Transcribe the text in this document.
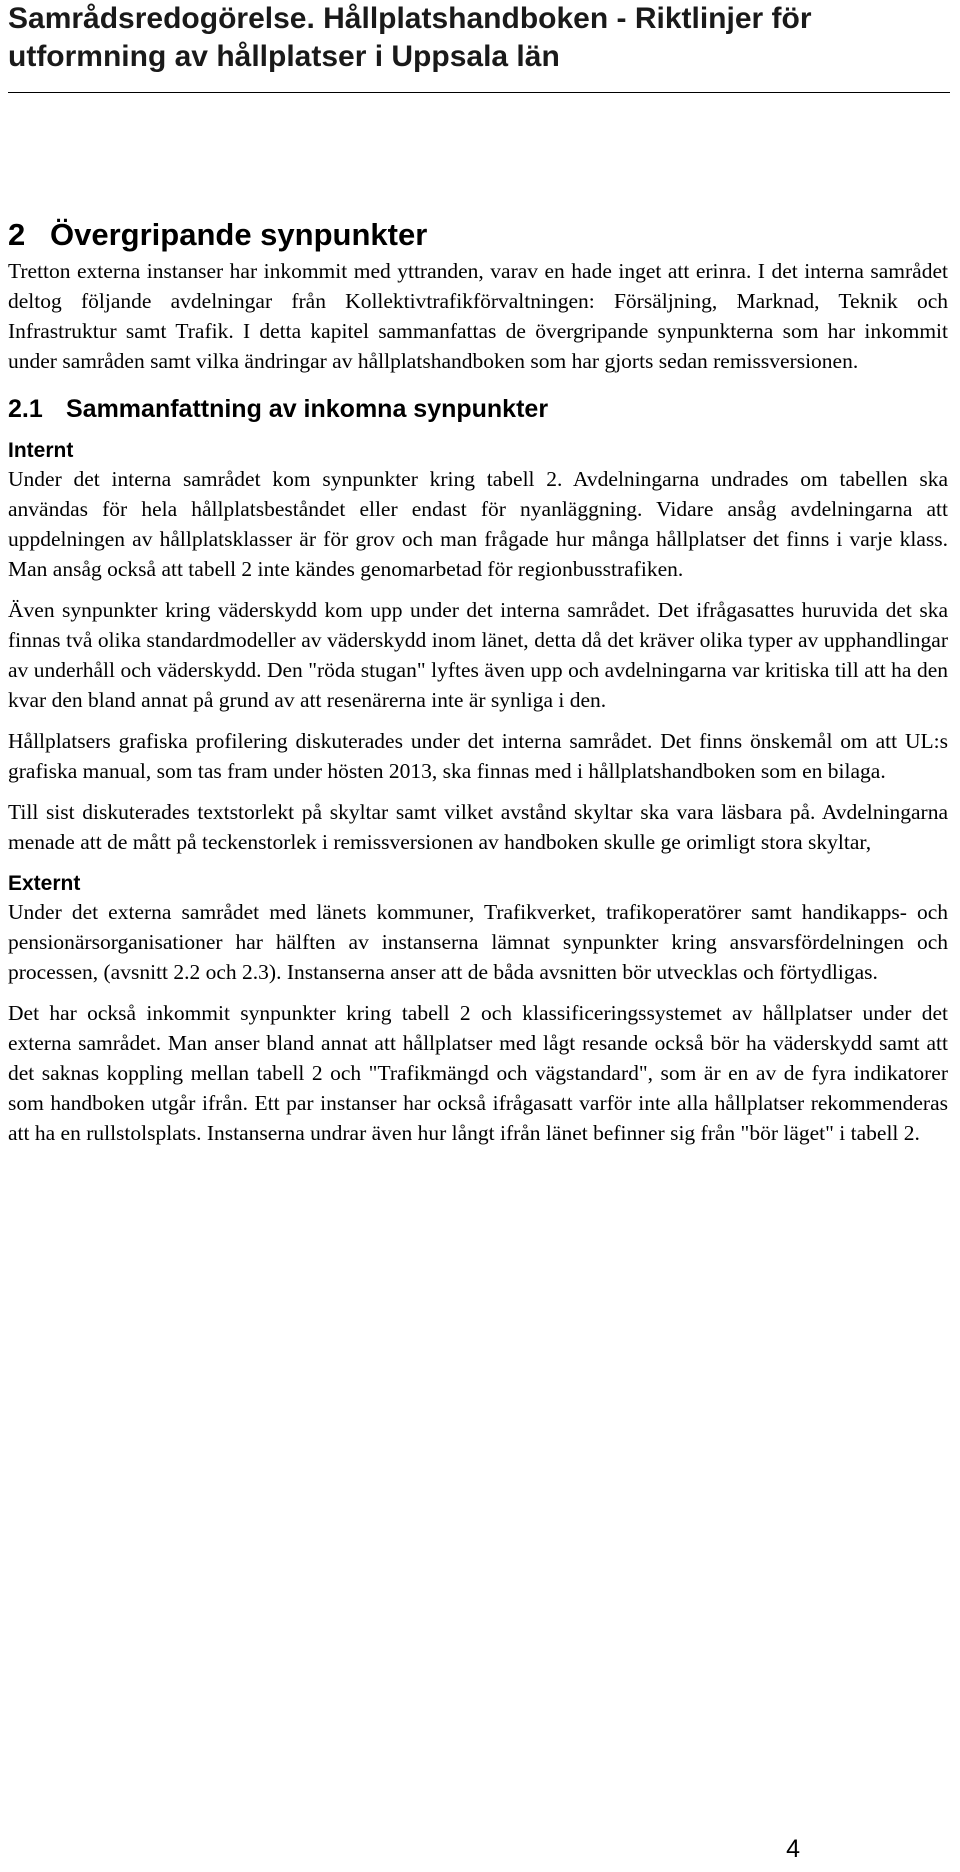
Samrådsredogörelse. Hållplatshandboken - Riktlinjer för utformning av hållplatser i Uppsala län
2 Övergripande synpunkter

Tretton externa instanser har inkommit med yttranden, varav en hade inget att erinra. I det interna samrådet deltog följande avdelningar från Kollektivtrafikförvaltningen: Försäljning, Marknad, Teknik och Infrastruktur samt Trafik. I detta kapitel sammanfattas de övergripande synpunkterna som har inkommit under samråden samt vilka ändringar av hållplatshandboken som har gjorts sedan remissversionen.

2.1 Sammanfattning av inkomna synpunkter
Internt

Under det interna samrådet kom synpunkter kring tabell 2. Avdelningarna undrades om tabellen ska användas för hela hållplatsbeståndet eller endast för nyanläggning. Vidare ansåg avdelningarna att uppdelningen av hållplatsklasser är för grov och man frågade hur många hållplatser det finns i varje klass. Man ansåg också att tabell 2 inte kändes genomarbetad för regionbusstrafiken.

Även synpunkter kring väderskydd kom upp under det interna samrådet. Det ifrågasattes huruvida det ska finnas två olika standardmodeller av väderskydd inom länet, detta då det kräver olika typer av upphandlingar av underhåll och väderskydd. Den "röda stugan" lyftes även upp och avdelningarna var kritiska till att ha den kvar den bland annat på grund av att resenärerna inte är synliga i den.

Hållplatsers grafiska profilering diskuterades under det interna samrådet. Det finns önskemål om att UL:s grafiska manual, som tas fram under hösten 2013, ska finnas med i hållplatshandboken som en bilaga.

Till sist diskuterades textstorlekt på skyltar samt vilket avstånd skyltar ska vara läsbara på. Avdelningarna menade att de mått på teckenstorlek i remissversionen av handboken skulle ge orimligt stora skyltar,

Externt

Under det externa samrådet med länets kommuner, Trafikverket, trafikoperatörer samt handikapps- och pensionärsorganisationer har hälften av instanserna lämnat synpunkter kring ansvarsfördelningen och processen, (avsnitt 2.2 och 2.3). Instanserna anser att de båda avsnitten bör utvecklas och förtydligas.

Det har också inkommit synpunkter kring tabell 2 och klassificeringssystemet av hållplatser under det externa samrådet. Man anser bland annat att hållplatser med lågt resande också bör ha väderskydd samt att det saknas koppling mellan tabell 2 och "Trafikmängd och vägstandard", som är en av de fyra indikatorer som handboken utgår ifrån. Ett par instanser har också ifrågasatt varför inte alla hållplatser rekommenderas att ha en rullstolsplats. Instanserna undrar även hur långt ifrån länet befinner sig från "bör läget" i tabell 2.

4
